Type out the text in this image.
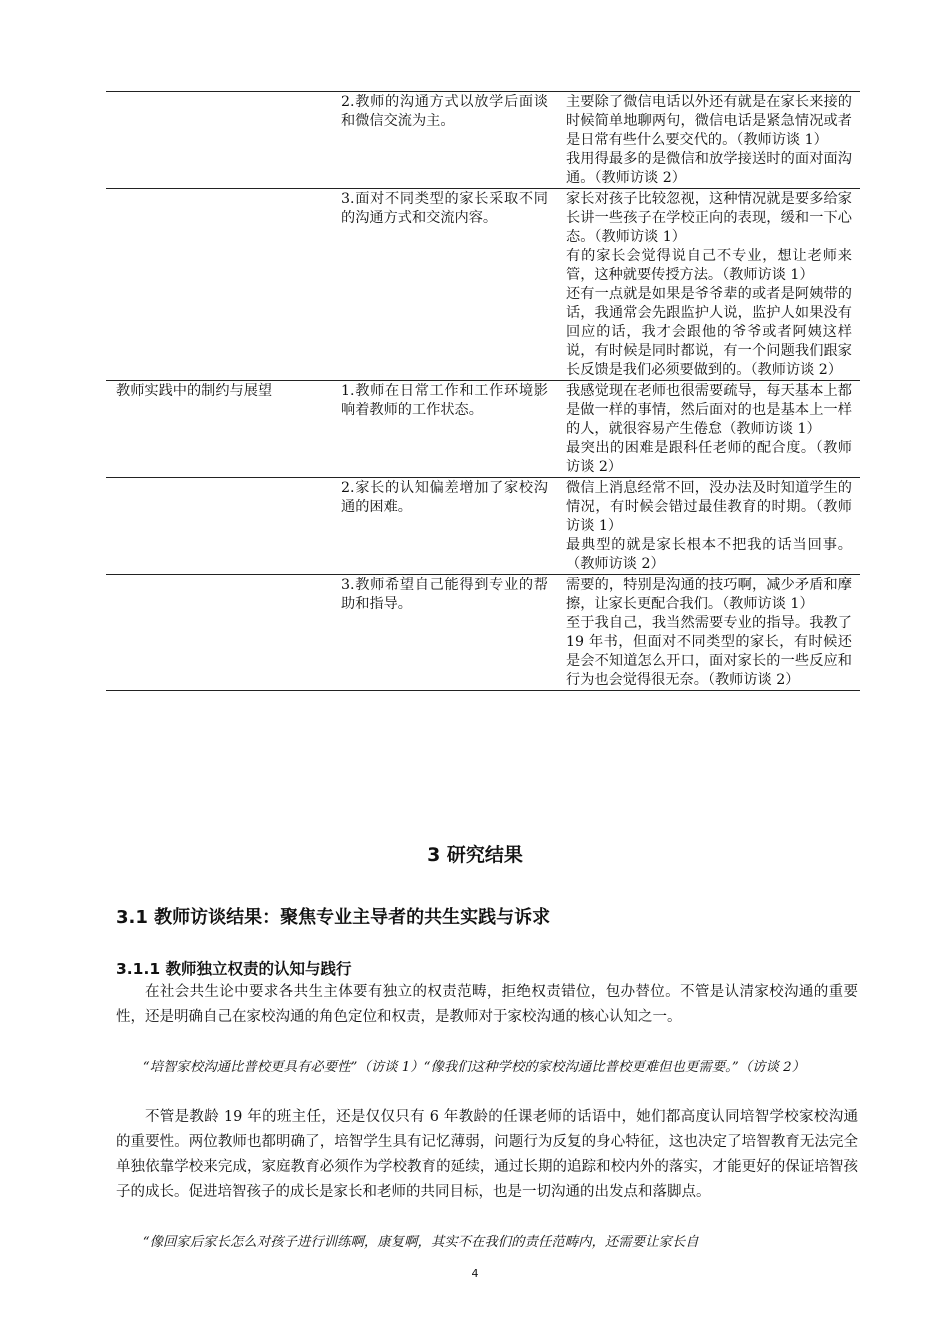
	2.教师的沟通方式以放学后面谈和微信交流为主。	主要除了微信电话以外还有就是在家长来接的时候简单地聊两句，微信电话是紧急情况或者是日常有些什么要交代的。（教师访谈 1）
我用得最多的是微信和放学接送时的面对面沟通。（教师访谈 2）

	3.面对不同类型的家长采取不同的沟通方式和交流内容。	家长对孩子比较忽视，这种情况就是要多给家长讲一些孩子在学校正向的表现，缓和一下心态。（教师访谈 1）
有的家长会觉得说自己不专业，想让老师来管，这种就要传授方法。（教师访谈 1）
还有一点就是如果是爷爷辈的或者是阿姨带的话，我通常会先跟监护人说，监护人如果没有回应的话，我才会跟他的爷爷或者阿姨这样说，有时候是同时都说，有一个问题我们跟家长反馈是我们必须要做到的。（教师访谈 2）

教师实践中的制约与展望	1.教师在日常工作和工作环境影响着教师的工作状态。	我感觉现在老师也很需要疏导，每天基本上都是做一样的事情，然后面对的也是基本上一样的人，就很容易产生倦怠（教师访谈 1）
最突出的困难是跟科任老师的配合度。（教师访谈 2）

	2.家长的认知偏差增加了家校沟通的困难。	微信上消息经常不回，没办法及时知道学生的情况，有时候会错过最佳教育的时期。（教师访谈 1）
最典型的就是家长根本不把我的话当回事。（教师访谈 2）

	3.教师希望自己能得到专业的帮助和指导。	需要的，特别是沟通的技巧啊，减少矛盾和摩擦，让家长更配合我们。（教师访谈 1）
至于我自己，我当然需要专业的指导。我教了 19 年书，但面对不同类型的家长，有时候还是会不知道怎么开口，面对家长的一些反应和行为也会觉得很无奈。（教师访谈 2）
3 研究结果
3.1 教师访谈结果：聚焦专业主导者的共生实践与诉求
3.1.1 教师独立权责的认知与践行

在社会共生论中要求各共生主体要有独立的权责范畴，拒绝权责错位，包办替位。不管是认清家校沟通的重要性，还是明确自己在家校沟通的角色定位和权责，是教师对于家校沟通的核心认知之一。

“培智家校沟通比普校更具有必要性”（访谈 1）“像我们这种学校的家校沟通比普校更难但也更需要。”（访谈 2）

不管是教龄 19 年的班主任，还是仅仅只有 6 年教龄的任课老师的话语中，她们都高度认同培智学校家校沟通的重要性。两位教师也都明确了，培智学生具有记忆薄弱，问题行为反复的身心特征，这也决定了培智教育无法完全单独依靠学校来完成，家庭教育必须作为学校教育的延续，通过长期的追踪和校内外的落实，才能更好的保证培智孩子的成长。促进培智孩子的成长是家长和老师的共同目标，也是一切沟通的出发点和落脚点。

“像回家后家长怎么对孩子进行训练啊，康复啊，其实不在我们的责任范畴内，还需要让家长自

4
